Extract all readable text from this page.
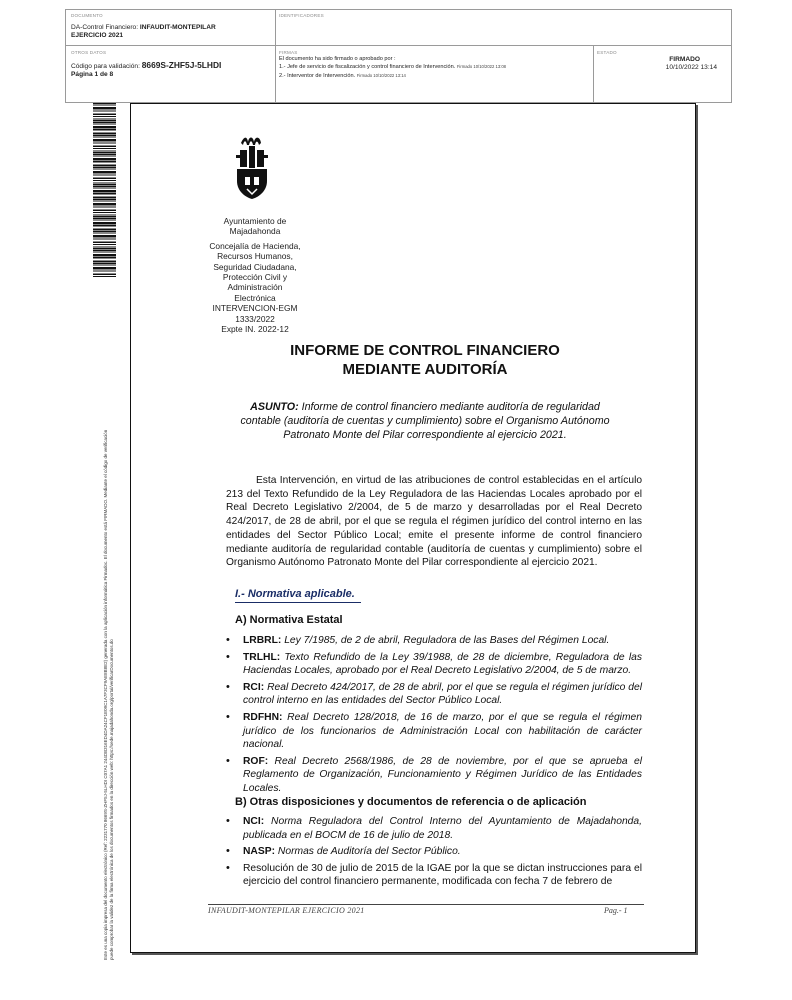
DOCUMENTO
DA-Control Financiero: INFAUDIT-MONTEPILAR
EJERCICIO 2021
IDENTIFICADORES
OTROS DATOS
Código para validación: 8669S-ZHF5J-5LHDI
Página 1 de 8
FIRMAS
El documento ha sido firmado o aprobado por :
1.- Jefe de servicio de fiscalización y control financiero de Intervención. Firmado 10/10/2022 13:08
2.- Interventor de Intervención. Firmado 10/10/2022 13:14
ESTADO
FIRMADO
10/10/2022 13:14
Este es una copia impresa del documento electrónico (Ref: 2231770 8669S-ZHF5J-5LHDI C07A1 244DB316ED4DA24CF1E09C1A7F3CF9AE8B8E2) generada con la aplicación informática Firmadoc. El documento está FIRMADO. Mediante el código de verificación puede comprobar la validez de la firma electrónica de los documentos firmados en la dirección web: https://sede.majadahonda.org/portal/verificarDocumentos.do
Ayuntamiento de
Majadahonda
Concejalía de Hacienda,
Recursos Humanos,
Seguridad Ciudadana,
Protección Civil y
Administración
Electrónica
INTERVENCION-EGM
1333/2022
Expte IN. 2022-12
INFORME DE CONTROL FINANCIERO
MEDIANTE AUDITORÍA
ASUNTO: Informe de control financiero mediante auditoría de regularidad contable (auditoría de cuentas y cumplimiento) sobre el Organismo Autónomo Patronato Monte del Pilar correspondiente al ejercicio 2021.
Esta Intervención, en virtud de las atribuciones de control establecidas en el artículo 213 del Texto Refundido de la Ley Reguladora de las Haciendas Locales aprobado por el Real Decreto Legislativo 2/2004, de 5 de marzo y desarrolladas por el Real Decreto 424/2017, de 28 de abril, por el que se regula el régimen jurídico del control interno en las entidades del Sector Público Local; emite el presente informe de control financiero mediante auditoría de regularidad contable (auditoría de cuentas y cumplimiento) sobre el Organismo Autónomo Patronato Monte del Pilar correspondiente al ejercicio 2021.
I.- Normativa aplicable.
A) Normativa Estatal
• LRBRL: Ley 7/1985, de 2 de abril, Reguladora de las Bases del Régimen Local.
• TRLHL: Texto Refundido de la Ley 39/1988, de 28 de diciembre, Reguladora de las Haciendas Locales, aprobado por el Real Decreto Legislativo 2/2004, de 5 de marzo.
• RCI: Real Decreto 424/2017, de 28 de abril, por el que se regula el régimen jurídico del control interno en las entidades del Sector Público Local.
• RDFHN: Real Decreto 128/2018, de 16 de marzo, por el que se regula el régimen jurídico de los funcionarios de Administración Local con habilitación de carácter nacional.
• ROF: Real Decreto 2568/1986, de 28 de noviembre, por el que se aprueba el Reglamento de Organización, Funcionamiento y Régimen Jurídico de las Entidades Locales.
B) Otras disposiciones y documentos de referencia o de aplicación
• NCI: Norma Reguladora del Control Interno del Ayuntamiento de Majadahonda, publicada en el BOCM de 16 de julio de 2018.
• NASP: Normas de Auditoría del Sector Público.
• Resolución de 30 de julio de 2015 de la IGAE por la que se dictan instrucciones para el ejercicio del control financiero permanente, modificada con fecha 7 de febrero de
INFAUDIT-MONTEPILAR EJERCICIO 2021	Pag.- 1
